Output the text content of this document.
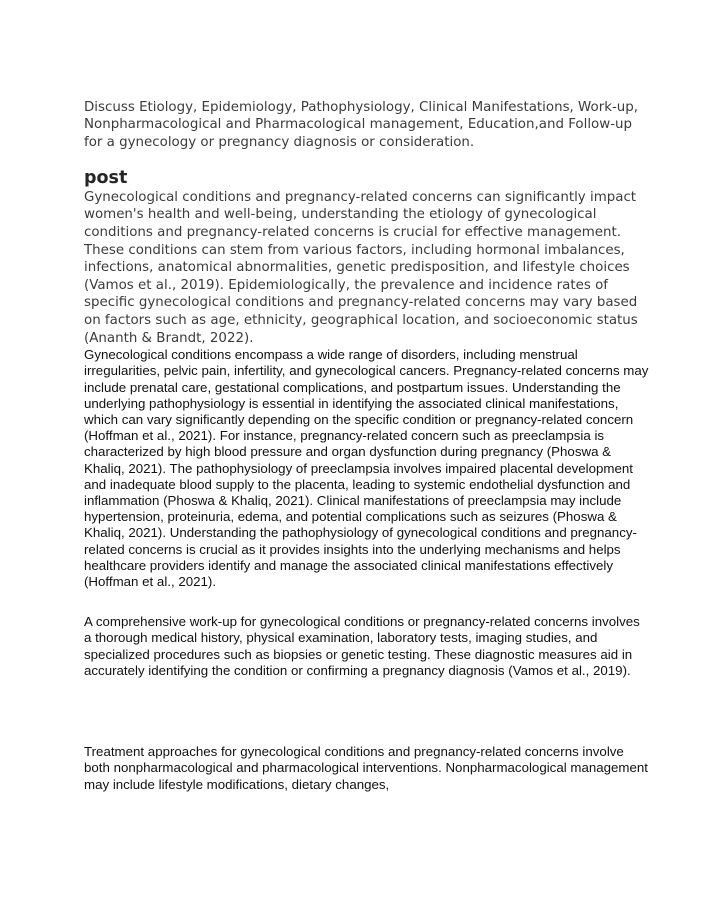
Discuss Etiology, Epidemiology, Pathophysiology, Clinical Manifestations, Work-up, Nonpharmacological and Pharmacological management, Education,and Follow-up for a gynecology or pregnancy diagnosis or consideration.

post

Gynecological conditions and pregnancy-related concerns can significantly impact women's health and well-being, understanding the etiology of gynecological conditions and pregnancy-related concerns is crucial for effective management. These conditions can stem from various factors, including hormonal imbalances, infections, anatomical abnormalities, genetic predisposition, and lifestyle choices (Vamos et al., 2019). Epidemiologically, the prevalence and incidence rates of specific gynecological conditions and pregnancy-related concerns may vary based on factors such as age, ethnicity, geographical location, and socioeconomic status (Ananth & Brandt, 2022).

Gynecological conditions encompass a wide range of disorders, including menstrual irregularities, pelvic pain, infertility, and gynecological cancers. Pregnancy-related concerns may include prenatal care, gestational complications, and postpartum issues. Understanding the underlying pathophysiology is essential in identifying the associated clinical manifestations, which can vary significantly depending on the specific condition or pregnancy-related concern (Hoffman et al., 2021). For instance, pregnancy-related concern such as preeclampsia is characterized by high blood pressure and organ dysfunction during pregnancy (Phoswa & Khaliq, 2021). The pathophysiology of preeclampsia involves impaired placental development and inadequate blood supply to the placenta, leading to systemic endothelial dysfunction and inflammation (Phoswa & Khaliq, 2021). Clinical manifestations of preeclampsia may include hypertension, proteinuria, edema, and potential complications such as seizures (Phoswa & Khaliq, 2021). Understanding the pathophysiology of gynecological conditions and pregnancy-related concerns is crucial as it provides insights into the underlying mechanisms and helps healthcare providers identify and manage the associated clinical manifestations effectively (Hoffman et al., 2021).

A comprehensive work-up for gynecological conditions or pregnancy-related concerns involves a thorough medical history, physical examination, laboratory tests, imaging studies, and specialized procedures such as biopsies or genetic testing. These diagnostic measures aid in accurately identifying the condition or confirming a pregnancy diagnosis (Vamos et al., 2019).

Treatment approaches for gynecological conditions and pregnancy-related concerns involve both nonpharmacological and pharmacological interventions. Nonpharmacological management may include lifestyle modifications, dietary changes,
